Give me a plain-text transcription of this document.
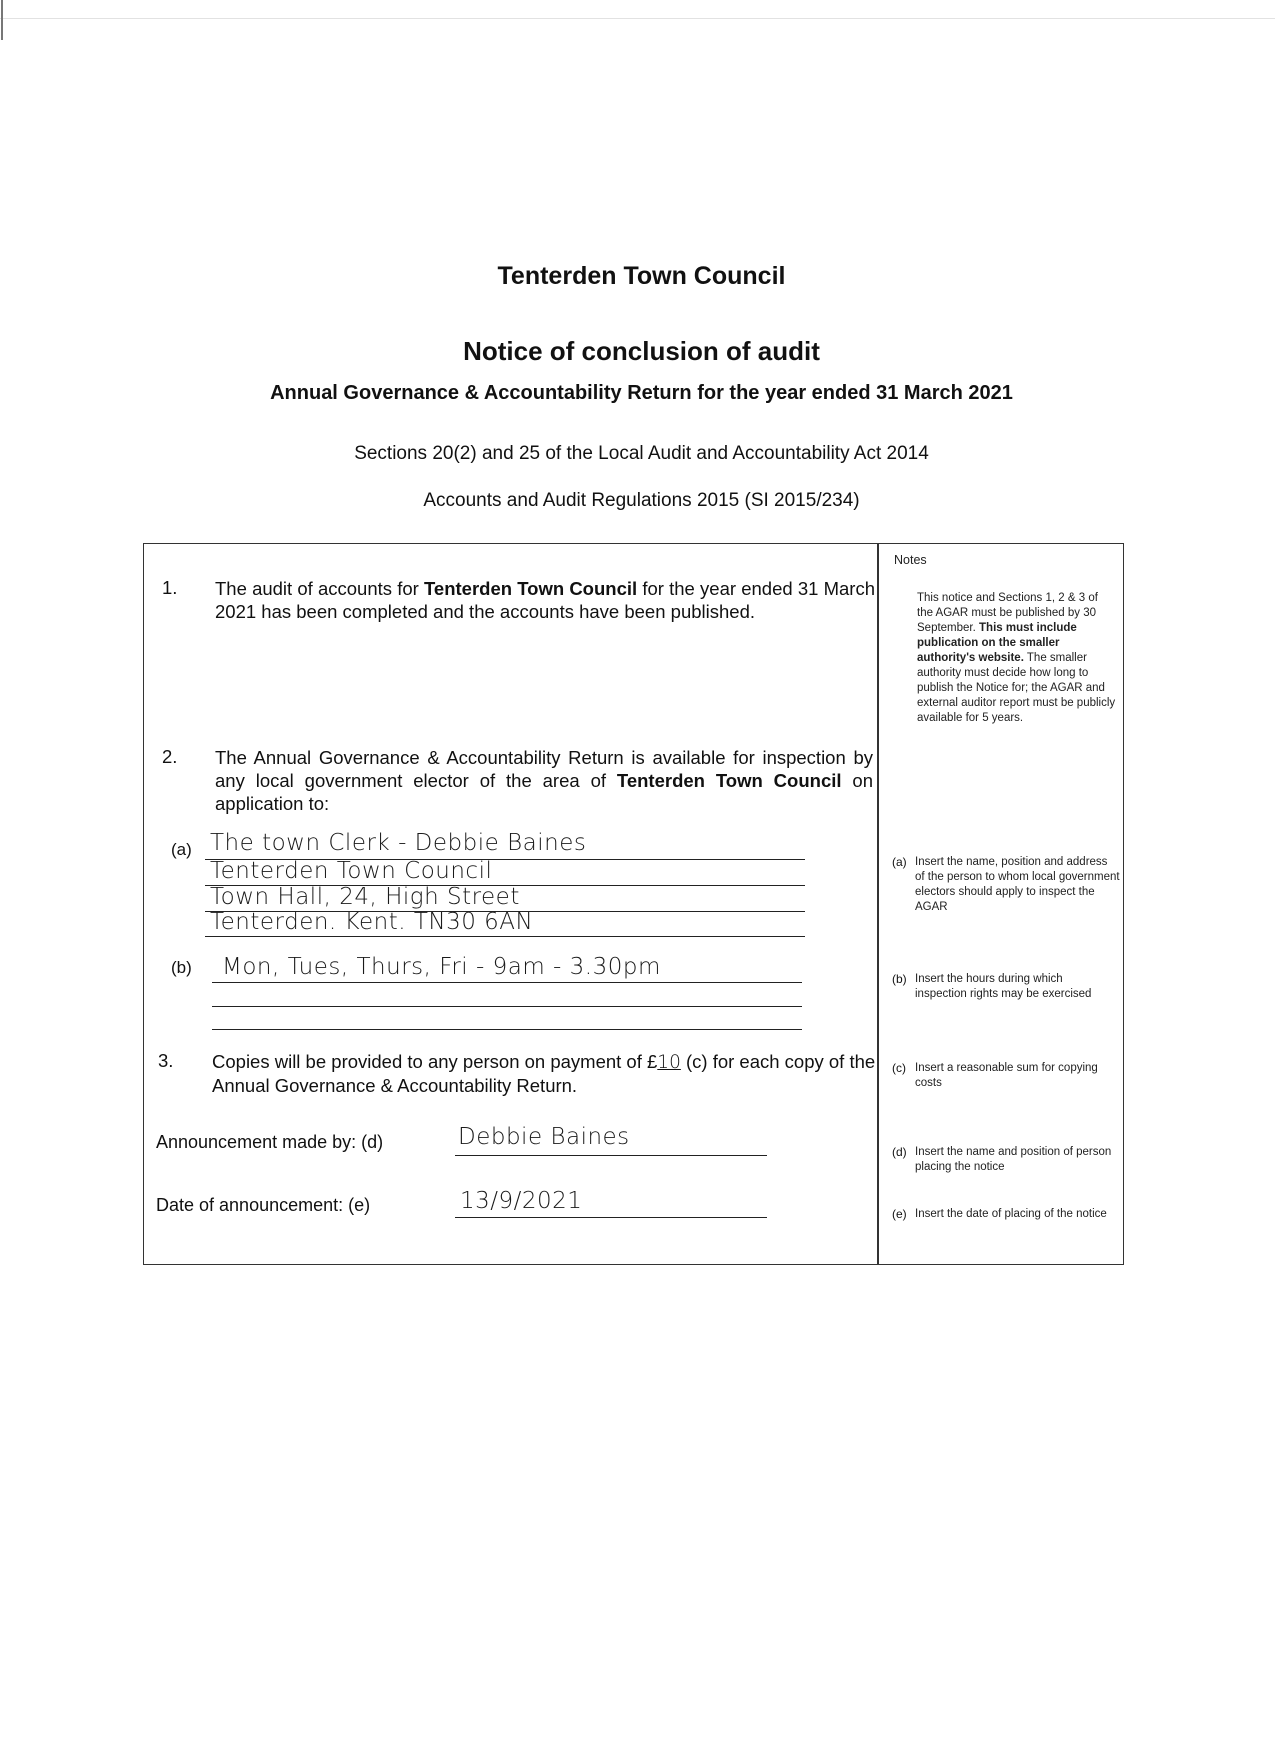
Tenterden Town Council
Notice of conclusion of audit
Annual Governance & Accountability Return for the year ended 31 March 2021
Sections 20(2) and 25 of the Local Audit and Accountability Act 2014
Accounts and Audit Regulations 2015 (SI 2015/234)
1. The audit of accounts for Tenterden Town Council for the year ended 31 March 2021 has been completed and the accounts have been published.
2. The Annual Governance & Accountability Return is available for inspection by any local government elector of the area of Tenterden Town Council on application to:
(a) The town Clerk - Debbie Baines
Tenterden Town Council
Town Hall, 24, High Street
Tenterden. Kent. TN30 6AN
(b) Mon, Tues, Thurs, Fri - 9am - 3.30pm
3. Copies will be provided to any person on payment of £10 (c) for each copy of the Annual Governance & Accountability Return.
Announcement made by: (d)	Debbie Baines
Date of announcement: (e)	13/9/2021
Notes
This notice and Sections 1, 2 & 3 of the AGAR must be published by 30 September. This must include publication on the smaller authority's website. The smaller authority must decide how long to publish the Notice for; the AGAR and external auditor report must be publicly available for 5 years.
(a) Insert the name, position and address of the person to whom local government electors should apply to inspect the AGAR
(b) Insert the hours during which inspection rights may be exercised
(c) Insert a reasonable sum for copying costs
(d) Insert the name and position of person placing the notice
(e) Insert the date of placing of the notice
